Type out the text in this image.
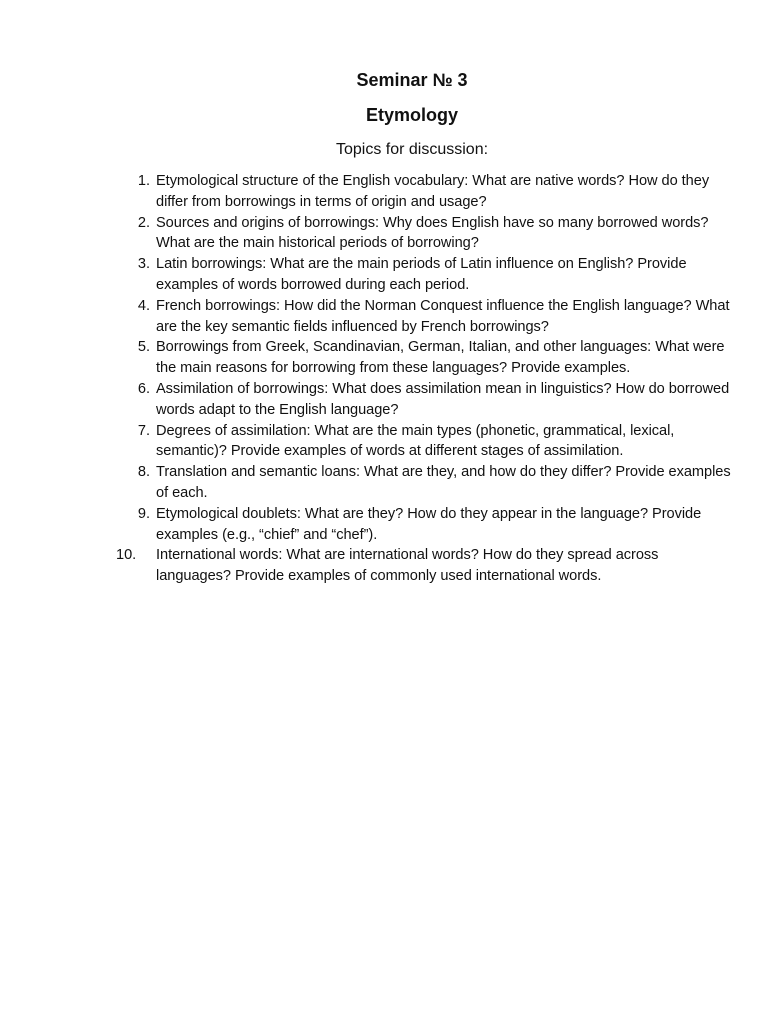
Seminar № 3
Etymology

Topics for discussion:

1. Etymological structure of the English vocabulary: What are native words? How do they differ from borrowings in terms of origin and usage?
2. Sources and origins of borrowings: Why does English have so many borrowed words? What are the main historical periods of borrowing?
3. Latin borrowings: What are the main periods of Latin influence on English? Provide examples of words borrowed during each period.
4. French borrowings: How did the Norman Conquest influence the English language? What are the key semantic fields influenced by French borrowings?
5. Borrowings from Greek, Scandinavian, German, Italian, and other languages: What were the main reasons for borrowing from these languages? Provide examples.
6. Assimilation of borrowings: What does assimilation mean in linguistics? How do borrowed words adapt to the English language?
7. Degrees of assimilation: What are the main types (phonetic, grammatical, lexical, semantic)? Provide examples of words at different stages of assimilation.
8. Translation and semantic loans: What are they, and how do they differ? Provide examples of each.
9. Etymological doublets: What are they? How do they appear in the language? Provide examples (e.g., “chief” and “chef”).
10.	International words: What are international words? How do they spread across languages? Provide examples of commonly used international words.
